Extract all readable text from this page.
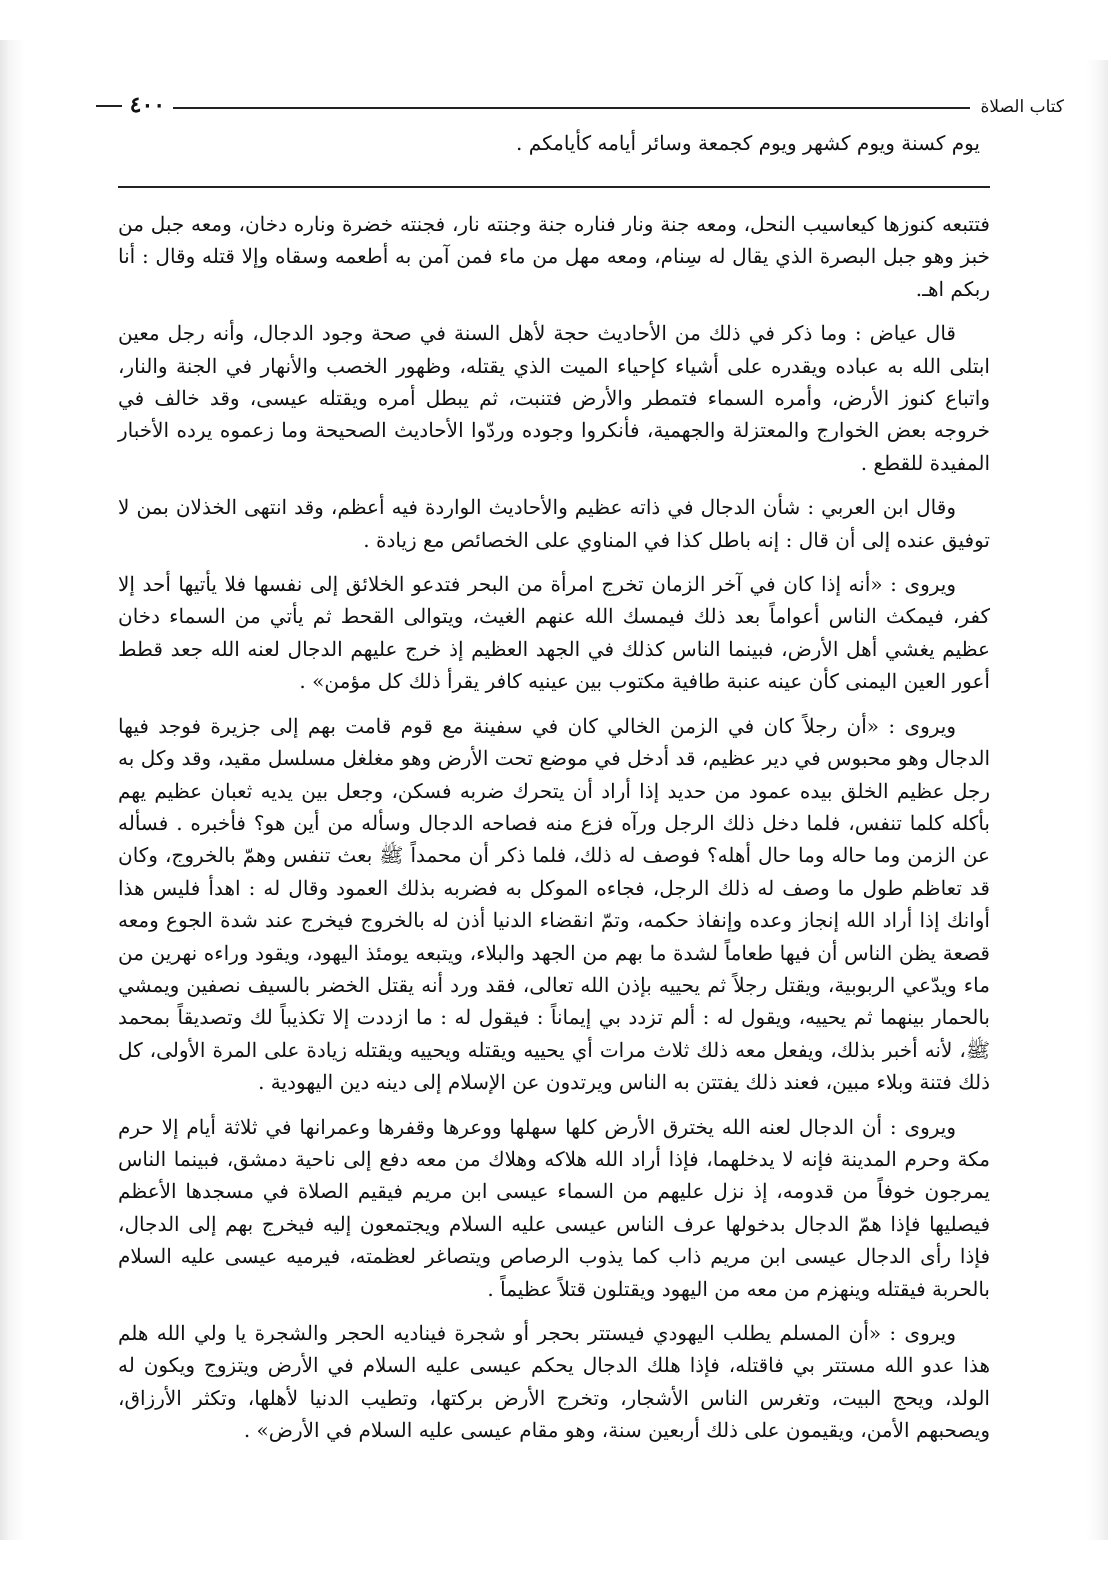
كتاب الصلاة
٤٠٠
يوم كسنة ويوم كشهر ويوم كجمعة وسائر أيامه كأيامكم .

فتتبعه كنوزها كيعاسيب النحل، ومعه جنة ونار فناره جنة وجنته نار، فجنته خضرة وناره دخان، ومعه جبل من خبز وهو جبل البصرة الذي يقال له سِنام، ومعه مهل من ماء فمن آمن به أطعمه وسقاه وإلا قتله وقال : أنا ربكم اهـ.

قال عياض : وما ذكر في ذلك من الأحاديث حجة لأهل السنة في صحة وجود الدجال، وأنه رجل معين ابتلى الله به عباده ويقدره على أشياء كإحياء الميت الذي يقتله، وظهور الخصب والأنهار في الجنة والنار، واتباع كنوز الأرض، وأمره السماء فتمطر والأرض فتنبت، ثم يبطل أمره ويقتله عيسى، وقد خالف في خروجه بعض الخوارج والمعتزلة والجهمية، فأنكروا وجوده وردّوا الأحاديث الصحيحة وما زعموه يرده الأخبار المفيدة للقطع .

وقال ابن العربي : شأن الدجال في ذاته عظيم والأحاديث الواردة فيه أعظم، وقد انتهى الخذلان بمن لا توفيق عنده إلى أن قال : إنه باطل كذا في المناوي على الخصائص مع زيادة .

ويروى : «أنه إذا كان في آخر الزمان تخرج امرأة من البحر فتدعو الخلائق إلى نفسها فلا يأتيها أحد إلا كفر، فيمكث الناس أعواماً بعد ذلك فيمسك الله عنهم الغيث، ويتوالى القحط ثم يأتي من السماء دخان عظيم يغشي أهل الأرض، فبينما الناس كذلك في الجهد العظيم إذ خرج عليهم الدجال لعنه الله جعد قطط أعور العين اليمنى كأن عينه عنبة طافية مكتوب بين عينيه كافر يقرأ ذلك كل مؤمن» .

ويروى : «أن رجلاً كان في الزمن الخالي كان في سفينة مع قوم قامت بهم إلى جزيرة فوجد فيها الدجال وهو محبوس في دير عظيم، قد أدخل في موضع تحت الأرض وهو مغلغل مسلسل مقيد، وقد وكل به رجل عظيم الخلق بيده عمود من حديد إذا أراد أن يتحرك ضربه فسكن، وجعل بين يديه ثعبان عظيم يهم بأكله كلما تنفس، فلما دخل ذلك الرجل ورآه فزع منه فصاحه الدجال وسأله من أين هو؟ فأخبره . فسأله عن الزمن وما حاله وما حال أهله؟ فوصف له ذلك، فلما ذكر أن محمداً ﷺ بعث تنفس وهمّ بالخروج، وكان قد تعاظم طول ما وصف له ذلك الرجل، فجاءه الموكل به فضربه بذلك العمود وقال له : اهدأ فليس هذا أوانك إذا أراد الله إنجاز وعده وإنفاذ حكمه، وتمّ انقضاء الدنيا أذن له بالخروج فيخرج عند شدة الجوع ومعه قصعة يظن الناس أن فيها طعاماً لشدة ما بهم من الجهد والبلاء، ويتبعه يومئذ اليهود، ويقود وراءه نهرين من ماء ويدّعي الربوبية، ويقتل رجلاً ثم يحييه بإذن الله تعالى، فقد ورد أنه يقتل الخضر بالسيف نصفين ويمشي بالحمار بينهما ثم يحييه، ويقول له : ألم تزدد بي إيماناً : فيقول له : ما ازددت إلا تكذيباً لك وتصديقاً بمحمد ﷺ، لأنه أخبر بذلك، ويفعل معه ذلك ثلاث مرات أي يحييه ويقتله ويحييه ويقتله زيادة على المرة الأولى، كل ذلك فتنة وبلاء مبين، فعند ذلك يفتتن به الناس ويرتدون عن الإسلام إلى دينه دين اليهودية .

ويروى : أن الدجال لعنه الله يخترق الأرض كلها سهلها ووعرها وقفرها وعمرانها في ثلاثة أيام إلا حرم مكة وحرم المدينة فإنه لا يدخلهما، فإذا أراد الله هلاكه وهلاك من معه دفع إلى ناحية دمشق، فبينما الناس يمرجون خوفاً من قدومه، إذ نزل عليهم من السماء عيسى ابن مريم فيقيم الصلاة في مسجدها الأعظم فيصليها فإذا همّ الدجال بدخولها عرف الناس عيسى عليه السلام ويجتمعون إليه فيخرج بهم إلى الدجال، فإذا رأى الدجال عيسى ابن مريم ذاب كما يذوب الرصاص ويتصاغر لعظمته، فيرميه عيسى عليه السلام بالحربة فيقتله وينهزم من معه من اليهود ويقتلون قتلاً عظيماً .

ويروى : «أن المسلم يطلب اليهودي فيستتر بحجر أو شجرة فيناديه الحجر والشجرة يا ولي الله هلم هذا عدو الله مستتر بي فاقتله، فإذا هلك الدجال يحكم عيسى عليه السلام في الأرض ويتزوج ويكون له الولد، ويحج البيت، وتغرس الناس الأشجار، وتخرج الأرض بركتها، وتطيب الدنيا لأهلها، وتكثر الأرزاق، ويصحبهم الأمن، ويقيمون على ذلك أربعين سنة، وهو مقام عيسى عليه السلام في الأرض» .
